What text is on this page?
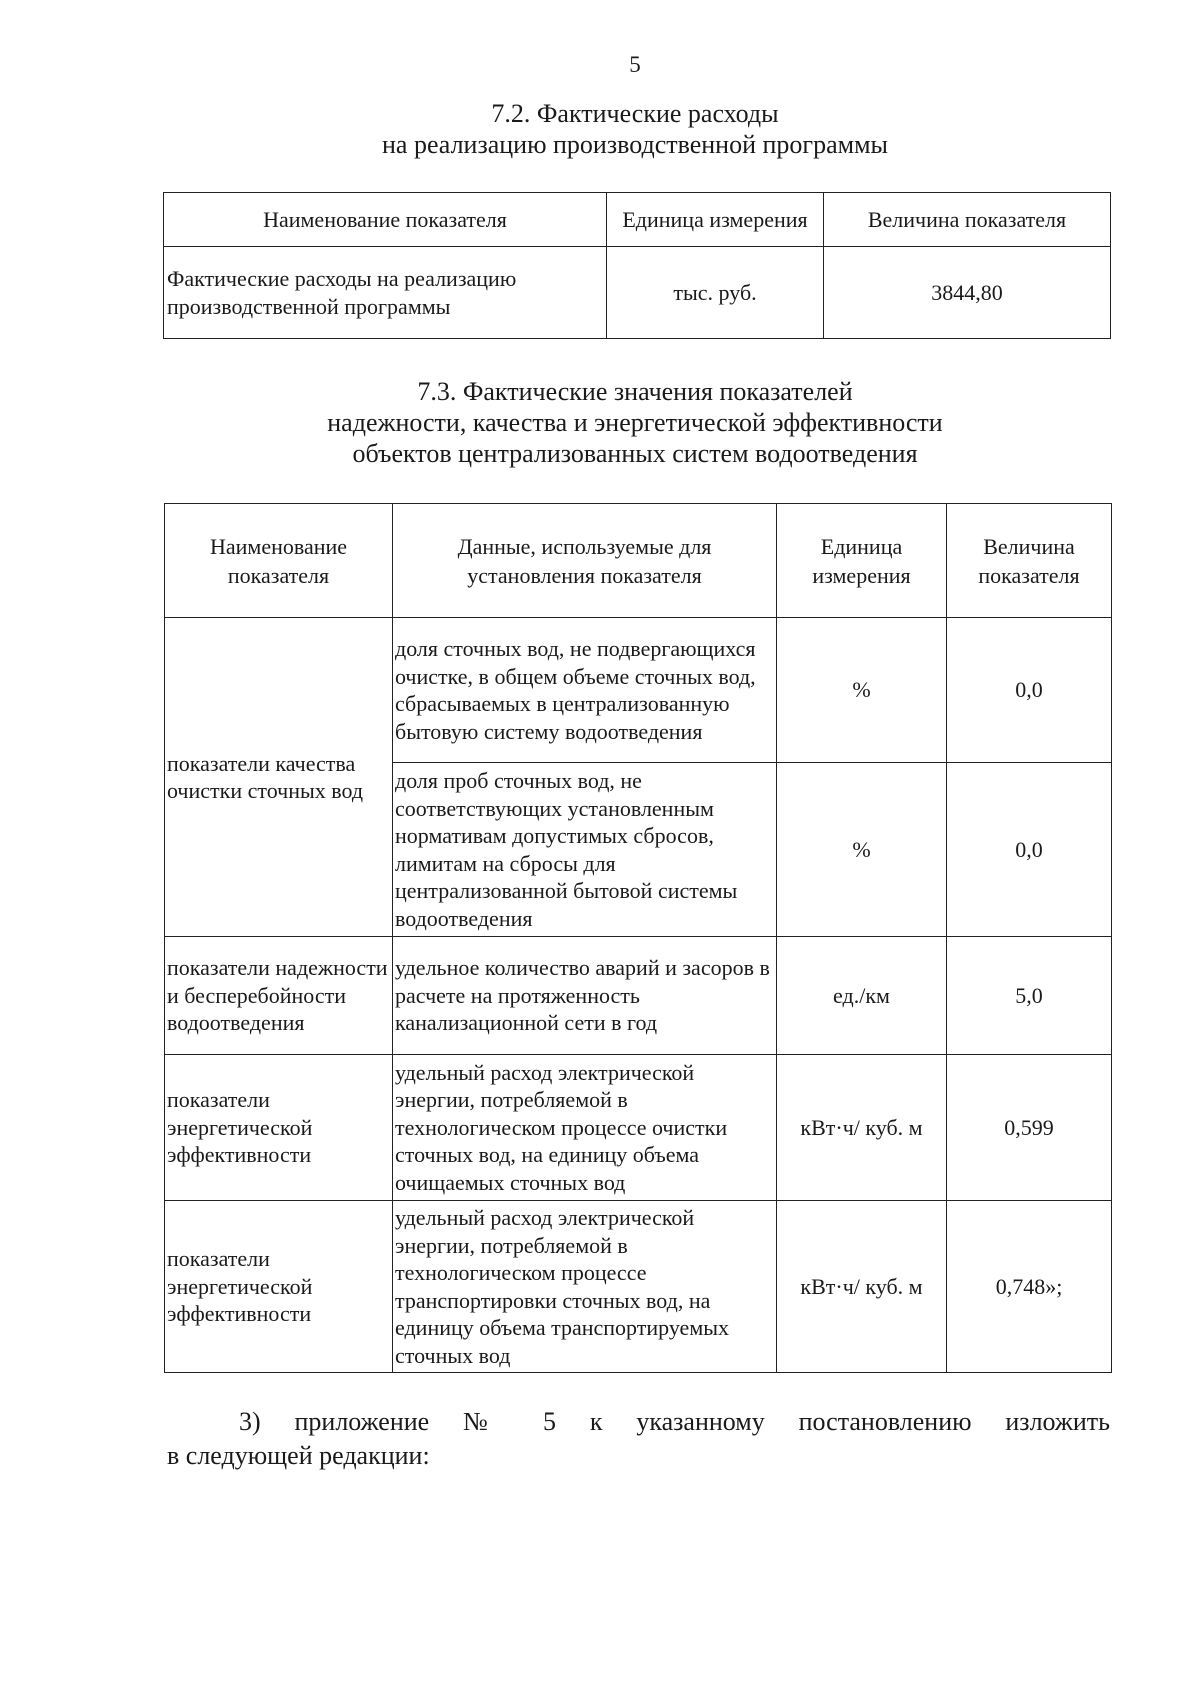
5
7.2. Фактические расходы
на реализацию производственной программы
Наименование показателя	Единица измерения	Величина показателя
Фактические расходы на реализацию производственной программы	тыс. руб.	3844,80
7.3. Фактические значения показателей
надежности, качества и энергетической эффективности
объектов централизованных систем водоотведения
Наименование показателя	Данные, используемые для установления показателя	Единица измерения	Величина показателя
показатели качества очистки сточных вод	доля сточных вод, не подвергающихся очистке, в общем объеме сточных вод, сбрасываемых в централизованную бытовую систему водоотведения	%	0,0
	доля проб сточных вод, не соответствующих установленным нормативам допустимых сбросов, лимитам на сбросы для централизованной бытовой системы водоотведения	%	0,0
показатели надежности и бесперебойности водоотведения	удельное количество аварий и засоров в расчете на протяженность канализационной сети в год	ед./км	5,0
показатели энергетической эффективности	удельный расход электрической энергии, потребляемой в технологическом процессе очистки сточных вод, на единицу объема очищаемых сточных вод	кВт·ч/ куб. м	0,599
показатели энергетической эффективности	удельный расход электрической энергии, потребляемой в технологическом процессе транспортировки сточных вод, на единицу объема транспортируемых сточных вод	кВт·ч/ куб. м	0,748»;
3) приложение № 5 к указанному постановлению изложить
в следующей редакции:
